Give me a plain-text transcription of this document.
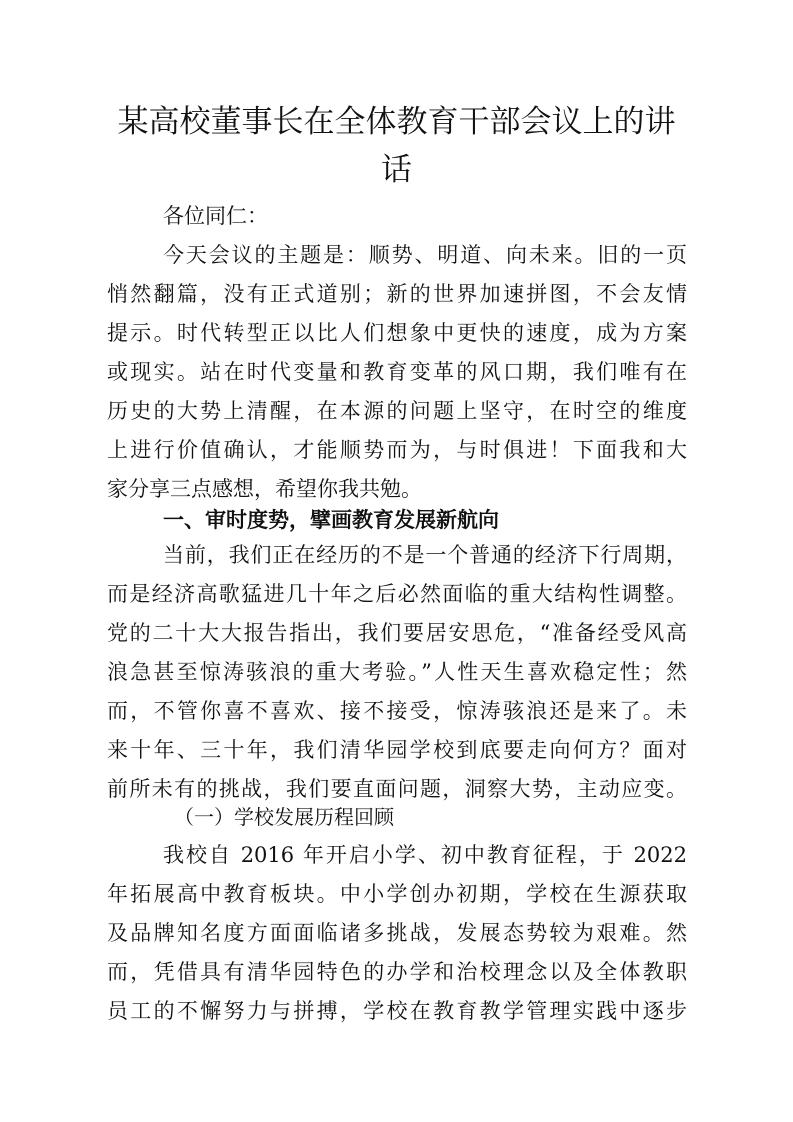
某高校董事长在全体教育干部会议上的讲
话
各位同仁：
今天会议的主题是：顺势、明道、向未来。旧的一页
悄然翻篇，没有正式道别；新的世界加速拼图，不会友情
提示。时代转型正以比人们想象中更快的速度，成为方案
或现实。站在时代变量和教育变革的风口期，我们唯有在
历史的大势上清醒，在本源的问题上坚守，在时空的维度
上进行价值确认，才能顺势而为，与时俱进！下面我和大
家分享三点感想，希望你我共勉。
一、审时度势，擘画教育发展新航向
当前，我们正在经历的不是一个普通的经济下行周期，
而是经济高歌猛进几十年之后必然面临的重大结构性调整。
党的二十大大报告指出，我们要居安思危，“准备经受风高
浪急甚至惊涛骇浪的重大考验。”人性天生喜欢稳定性；然
而，不管你喜不喜欢、接不接受，惊涛骇浪还是来了。未
来十年、三十年，我们清华园学校到底要走向何方？面对
前所未有的挑战，我们要直面问题，洞察大势，主动应变。
（一）学校发展历程回顾
我校自 2016 年开启小学、初中教育征程，于 2022
年拓展高中教育板块。中小学创办初期，学校在生源获取
及品牌知名度方面面临诸多挑战，发展态势较为艰难。然
而，凭借具有清华园特色的办学和治校理念以及全体教职
员工的不懈努力与拼搏，学校在教育教学管理实践中逐步
